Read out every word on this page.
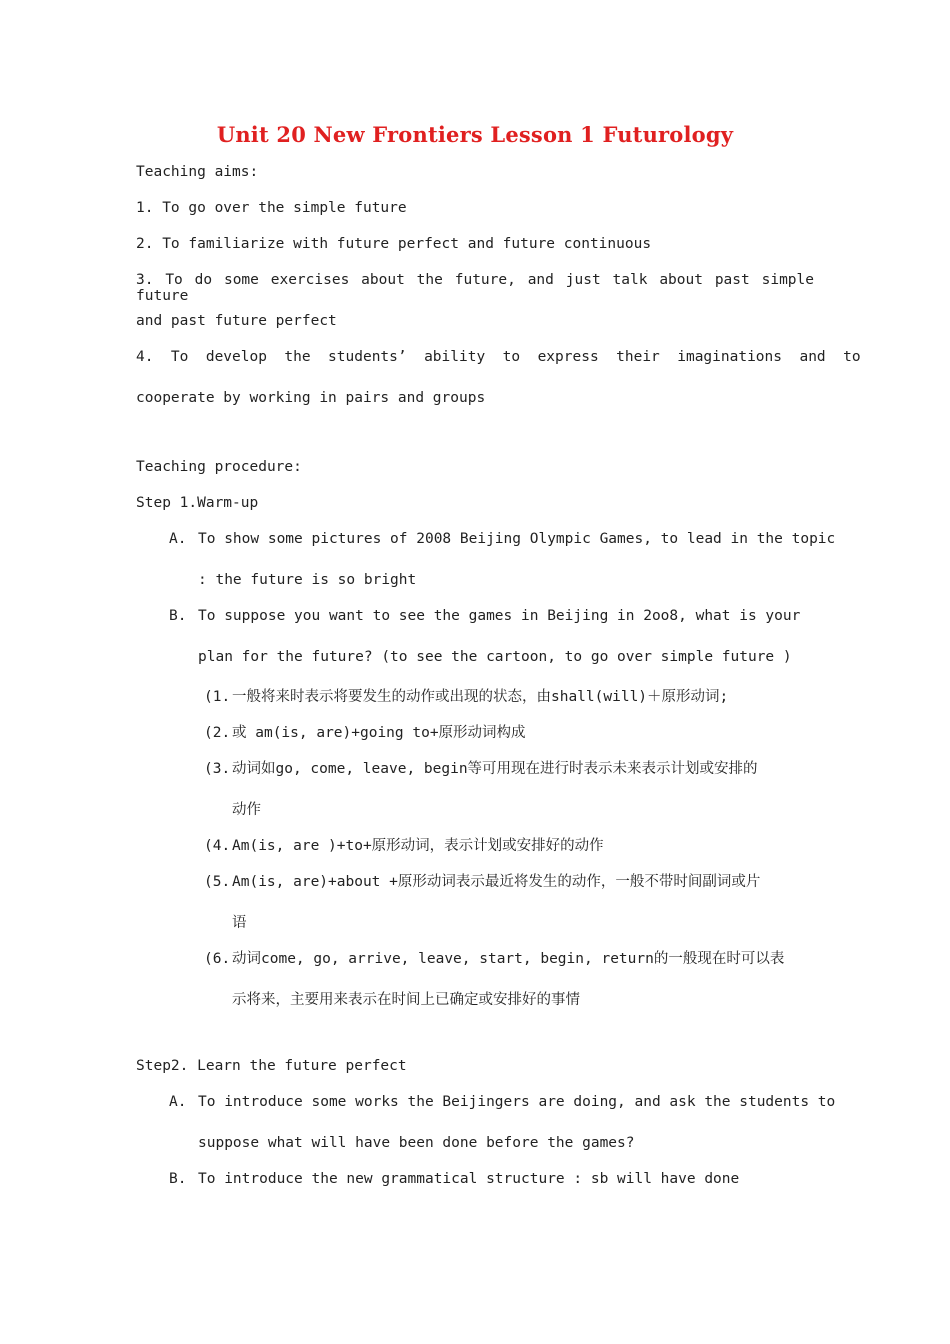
Unit 20 New Frontiers Lesson 1 Futurology
Teaching aims:
1. To go over the simple future
2. To familiarize with future perfect and future continuous
3. To do some exercises about the future, and just talk about past simple future
and past future perfect
4.  To  develop  the  students’  ability  to  express  their  imaginations  and  to
cooperate by working in pairs and groups
Teaching procedure:
Step 1.Warm-up
A. To show some pictures of 2008 Beijing Olympic Games, to lead in the topic
: the future is so bright
B. To suppose you want to see the games in Beijing in 2oo8, what is your
plan for the future? (to see the cartoon, to go over simple future )
(1. 一般将来时表示将要发生的动作或出现的状态，由shall(will)＋原形动词;
(2. 或 am(is, are)+going to+原形动词构成
(3. 动词如go, come, leave, begin等可用现在进行时表示未来表示计划或安排的
动作
(4. Am(is, are )+to+原形动词，表示计划或安排好的动作
(5. Am(is, are)+about +原形动词表示最近将发生的动作，一般不带时间副词或片
语
(6. 动词come, go, arrive, leave, start, begin, return的一般现在时可以表
示将来，主要用来表示在时间上已确定或安排好的事情
Step2. Learn the future perfect
A. To introduce some works the Beijingers are doing, and ask the students to
suppose what will have been done before the games?
B. To introduce the new grammatical structure : sb will have done
